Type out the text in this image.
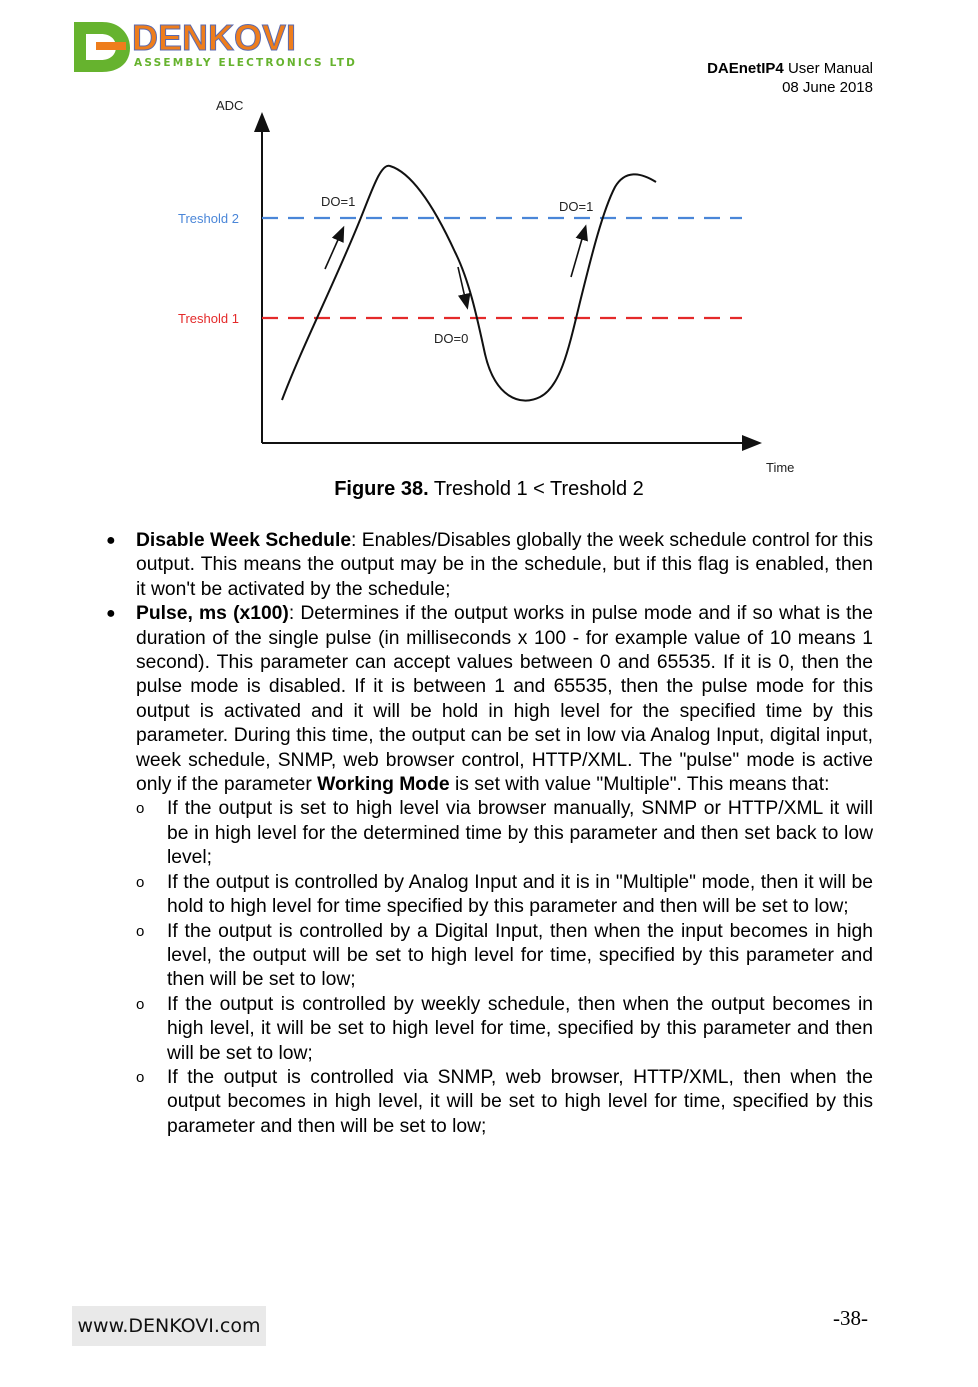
DENKOVI
ASSEMBLY ELECTRONICS LTD	DAEnetIP4 User Manual
08 June 2018
ADC
Time
Treshold 2
Treshold 1
DO=1	DO=1
DO=0
Figure 38. Treshold 1 < Treshold 2
● Disable Week Schedule: Enables/Disables globally the week schedule control for this output. This means the output may be in the schedule, but if this flag is enabled, then it won't be activated by the schedule;
● Pulse, ms (x100): Determines if the output works in pulse mode and if so what is the duration of the single pulse (in milliseconds x 100 - for example value of 10 means 1 second). This parameter can accept values between 0 and 65535. If it is 0, then the pulse mode is disabled. If it is between 1 and 65535, then the pulse mode for this output is activated and it will be hold in high level for the specified time by this parameter. During this time, the output can be set in low via Analog Input, digital input, week schedule, SNMP, web browser control, HTTP/XML. The "pulse" mode is active only if the parameter Working Mode is set with value "Multiple". This means that:
o If the output is set to high level via browser manually, SNMP or HTTP/XML it will be in high level for the determined time by this parameter and then set back to low level;
o If the output is controlled by Analog Input and it is in "Multiple" mode, then it will be hold to high level for time specified by this parameter and then will be set to low;
o If the output is controlled by a Digital Input, then when the input becomes in high level, the output will be set to high level for time, specified by this parameter and then will be set to low;
o If the output is controlled by weekly schedule, then when the output becomes in high level, it will be set to high level for time, specified by this parameter and then will be set to low;
o If the output is controlled via SNMP, web browser, HTTP/XML, then when the output becomes in high level, it will be set to high level for time, specified by this parameter and then will be set to low;
www.DENKOVI.com	-38-
